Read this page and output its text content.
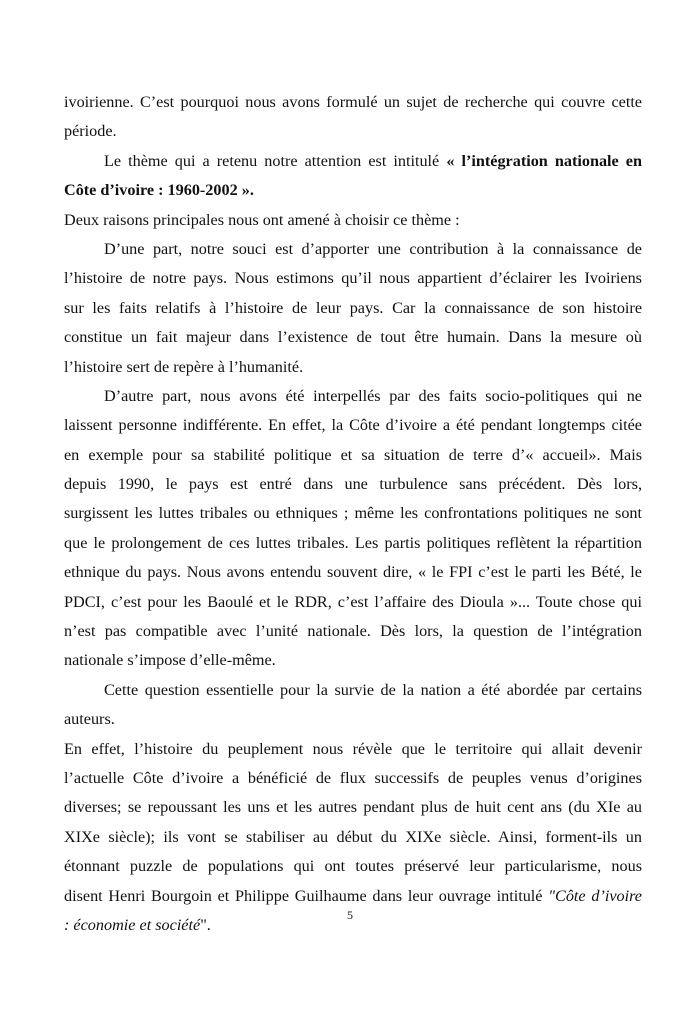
ivoirienne. C’est pourquoi nous avons formulé un sujet de recherche qui couvre cette
période.
Le thème qui a retenu notre attention est intitulé « l’intégration nationale en
Côte d’ivoire : 1960-2002 ».
Deux raisons principales nous ont amené à choisir ce thème :
D’une part, notre souci est d’apporter une contribution à la connaissance de
l’histoire de notre pays. Nous estimons qu’il nous appartient d’éclairer les Ivoiriens
sur les faits relatifs à l’histoire de leur pays. Car la connaissance de son histoire
constitue un fait majeur dans l’existence de tout être humain. Dans la mesure où
l’histoire sert de repère à l’humanité.
D’autre part, nous avons été interpellés par des faits socio-politiques qui ne
laissent personne indifférente. En effet, la Côte d’ivoire a été pendant longtemps citée
en exemple pour sa stabilité politique et sa situation de terre d’« accueil». Mais
depuis 1990, le pays est entré dans une turbulence sans précédent. Dès lors,
surgissent les luttes tribales ou ethniques ; même les confrontations politiques ne sont
que le prolongement de ces luttes tribales. Les partis politiques reflètent la répartition
ethnique du pays. Nous avons entendu souvent dire, « le FPI c’est le parti les Bété, le
PDCI, c’est pour les Baoulé et le RDR, c’est l’affaire des Dioula »... Toute chose qui
n’est pas compatible avec l’unité nationale. Dès lors, la question de l’intégration
nationale s’impose d’elle-même.
Cette question essentielle pour la survie de la nation a été abordée par certains
auteurs.
En effet, l’histoire du peuplement nous révèle que le territoire qui allait devenir
l’actuelle Côte d’ivoire a bénéficié de flux successifs de peuples venus d’origines
diverses; se repoussant les uns et les autres pendant plus de huit cent ans (du XIe au
XIXe siècle); ils vont se stabiliser au début du XIXe siècle. Ainsi, forment-ils un
étonnant puzzle de populations qui ont toutes préservé leur particularisme, nous
disent Henri Bourgoin et Philippe Guilhaume dans leur ouvrage intitulé "Côte d’ivoire
: économie et société".
5
